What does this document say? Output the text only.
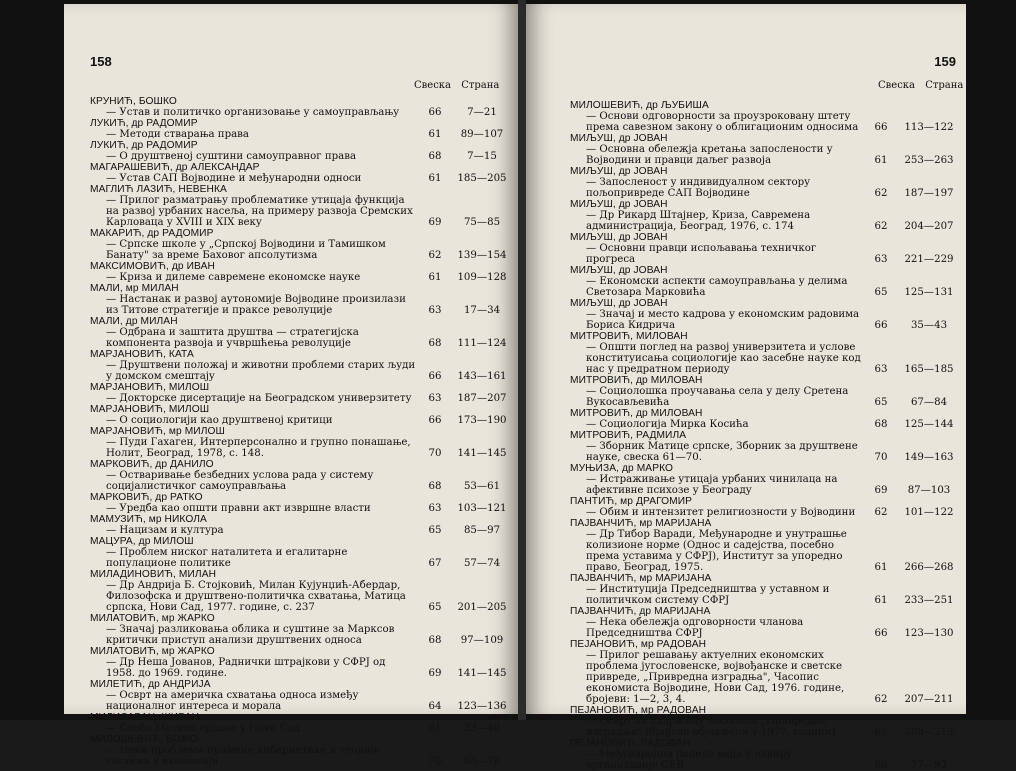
158
Свеска Страна
КРУНИЋ, БОШКО
— Устав и политичко организовање у самоуправљању	66	7—21
ЛУКИЋ, др РАДОМИР
— Методи стварања права	61	89—107
ЛУКИЋ, др РАДОМИР
— О друштвеној суштини самоуправног права	68	7—15
МАГАРАШЕВИЋ, др АЛЕКСАНДАР
— Устав САП Војводине и међународни односи	61	185—205
МАГЛИЋ ЛАЗИЋ, НЕВЕНКА
— Прилог разматрању проблематике утицаја функција на развој урбаних насеља, на примеру развоја Сремских Карловаца у XVIII и XIX веку	69	75—85
МАКАРИЋ, др РАДОМИР
— Српске школе у „Српској Војводини и Тамишком Банату" за време Баховог апсолутизма	62	139—154
МАКСИМОВИЋ, др ИВАН
— Криза и дилеме савремене економске науке	61	109—128
МАЛИ, мр МИЛАН
— Настанак и развој аутономије Војводине произилази из Титове стратегије и праксе револуције	63	17—34
МАЛИ, др МИЛАН
— Одбрана и заштита друштва — стратегијска компонента развоја и учвршћења револуције	68	111—124
МАРЈАНОВИЋ, КАТА
— Друштвени положај и животни проблеми старих људи у домском смештају	66	143—161
МАРЈАНОВИЋ, МИЛОШ
— Докторске дисертације на Београдском универзитету	63	187—207
МАРЈАНОВИЋ, МИЛОШ
— О социологији као друштвеној критици	66	173—190
МАРЈАНОВИЋ, мр МИЛОШ
— Пуди Гахаген, Интерперсонално и групно понашање, Нолит, Београд, 1978, с. 148.	70	141—145
МАРКОВИЋ, др ДАНИЛО
— Остваривање безбедних услова рада у систему социјалистичког самоуправљања	68	53—61
МАРКОВИЋ, др РАТКО
— Уредба као општи правни акт извршне власти	63	103—121
МАМУЗИЋ, мр НИКОЛА
— Нацизам и култура	65	85—97
МАЦУРА, др МИЛОШ
— Проблем ниског наталитета и егалитарне популационе политике	67	57—74
МИЛАДИНОВИЋ, МИЛАН
— Др Андрија Б. Стојковић, Милан Кујунџић-Абердар, Филозофска и друштвено-политичка схватања, Матица српска, Нови Сад, 1977. године, с. 237	65	201—205
МИЛАТОВИЋ, мр ЖАРКО
— Значај разликовања облика и суштине за Марксов критички приступ анализи друштвених односа	68	97—109
МИЛАТОВИЋ, мр ЖАРКО
— Др Неша Јованов, Раднички штрајкови у СФРЈ од 1958. до 1969. године.	69	141—145
МИЛЕТИЋ, др АНДРИЈА
— Осврт на америчка схватања односа између националног интереса и морала	64	123—136
МИЛИСАВАЦ, ЖИВАН
— Сеоба Матице српске у Нови Сад	61	23—40
МИЛОШЕВИЋ, БОЖО
— Неки проблеми примене кибернетике и теорије система у економији	70	63—78
159
Свеска Страна
МИЛОШЕВИЋ, др ЉУБИША
— Основи одговорности за проузроковану штету према савезном закону о облигационим односима	66	113—122
МИЉУШ, др ЈОВАН
— Основна обележја кретања запослености у Војводини и правци даљег развоја	61	253—263
МИЉУШ, др ЈОВАН
— Запосленост у индивидуалном сектору пољопривреде САП Војводине	62	187—197
МИЉУШ, др ЈОВАН
— Др Рикард Штајнер, Криза, Савремена администрација, Београд, 1976, с. 174	62	204—207
МИЉУШ, др ЈОВАН
— Основни правци испољавања техничког прогреса	63	221—229
МИЉУШ, др ЈОВАН
— Економски аспекти самоуправљања у делима Светозара Марковића	65	125—131
МИЉУШ, др ЈОВАН
— Значај и место кадрова у економским радовима Бориса Кидрича	66	35—43
МИТРОВИЋ, МИЛОВАН
— Општи поглед на развој универзитета и услове конституисања социологије као засебне науке код нас у предратном периоду	63	165—185
МИТРОВИЋ, др МИЛОВАН
— Социолошка проучавања села у делу Сретена Вукосављевића	65	67—84
МИТРОВИЋ, др МИЛОВАН
— Социологија Мирка Косића	68	125—144
МИТРОВИЋ, РАДМИЛА
— Зборник Матице српске, Зборник за друштвене науке, свеска 61—70.	70	149—163
МУЊИЗА, др МАРКО
— Истраживање утицаја урбаних чинилаца на афективне психозе у Београду	69	87—103
ПАНТИЋ, мр ДРАГОМИР
— Обим и интензитет религиозности у Војводини	62	101—122
ПАЈВАНЧИЋ, мр МАРИЈАНА
— Др Тибор Варади, Међународне и унутрашње колизионе норме (Однос и садејства, посебно према уставима у СФРЈ), Институт за упоредно право, Београд, 1975.	61	266—268
ПАЈВАНЧИЋ, мр МАРИЈАНА
— Институција Председништва у уставном и политичком систему СФРЈ	61	233—251
ПАЈВАНЧИЋ, др МАРИЈАНА
— Нека обележја одговорности чланова Председништва СФРЈ	66	123—130
ПЕЈАНОВИЋ, мр РАДОВАН
— Прилог решавању актуелних економских проблема југословенске, војвођанске и светске привреде, „Привредна изградња", Часопис економиста Војводине, Нови Сад, 1976. године, бројеви: 1—2, 3, 4.	62	207—211
ПЕЈАНОВИЋ, мр РАДОВАН
— Осврт на садржину часописа „Привредна изградња" (бројеви објављени у 1977. години)	65	208—213
ПЕЈАНОВИЋ, РАДОВАН
— Међународна подела рада у оквиру организације СЕВ	66	77—93
